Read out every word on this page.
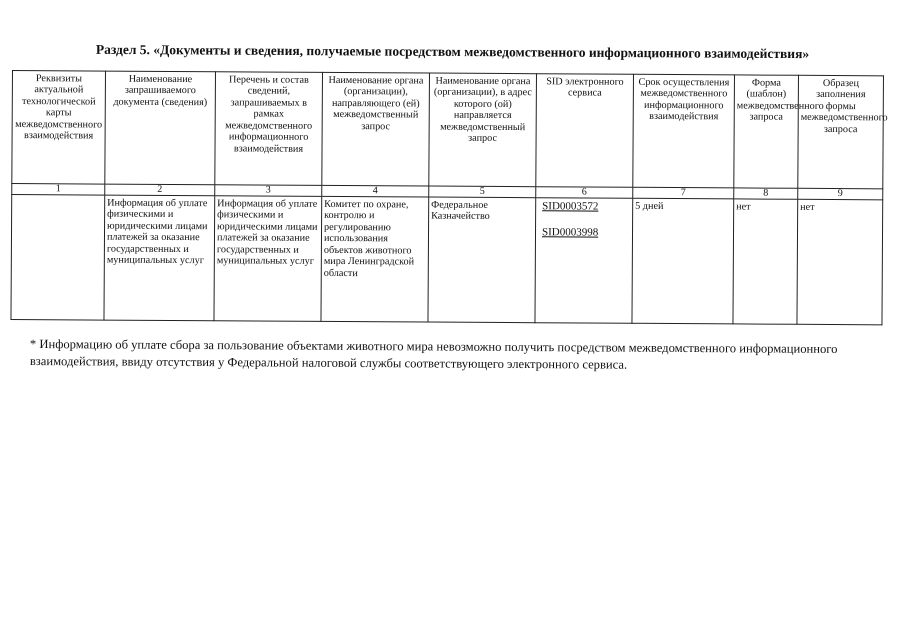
Раздел 5. «Документы и сведения, получаемые посредством межведомственного информационного взаимодействия»
Реквизиты актуальной технологической карты межведомственного взаимодействия	Наименование запрашиваемого документа (сведения)	Перечень и состав сведений, запрашиваемых в рамках межведомственного информационного взаимодействия	Наименование органа (организации), направляющего (ей) межведомственный запрос	Наименование органа (организации), в адрес которого (ой) направляется межведомственный запрос	SID электронного сервиса	Срок осуществления межведомственного информационного взаимодействия	Форма (шаблон) межведомственного запроса	Образец заполнения формы межведомственного запроса
1	2	3	4	5	6	7	8	9
	Информация об уплате физическими и юридическими лицами платежей за оказание государственных и муниципальных услуг	Информация об уплате физическими и юридическими лицами платежей за оказание государственных и муниципальных услуг	Комитет по охране, контролю и регулированию использования объектов животного мира Ленинградской области	Федеральное Казначейство	SID0003572
SID0003998	5 дней	нет	нет
* Информацию об уплате сбора за пользование объектами животного мира невозможно получить посредством межведомственного информационного взаимодействия, ввиду отсутствия у Федеральной налоговой службы соответствующего электронного сервиса.
